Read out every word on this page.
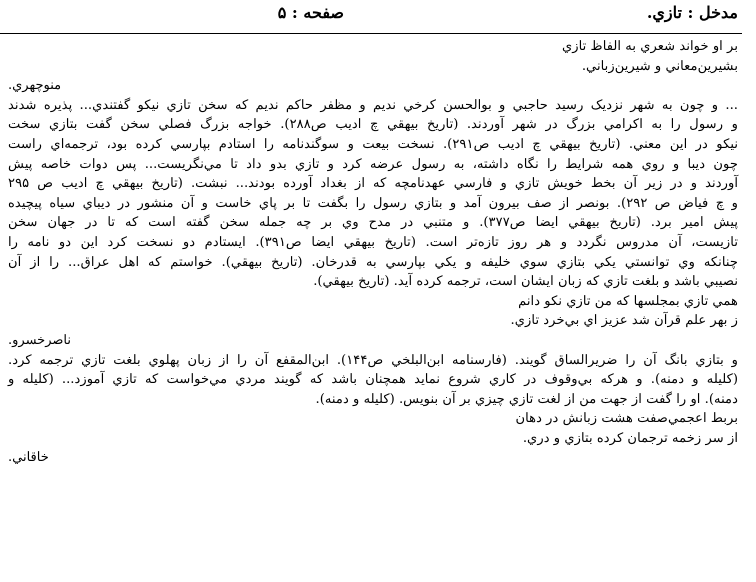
مدخل : تازي.
صفحه : ۵
بر او خواند شعري به الفاظ تازي
بشيرين‌معاني و شيرين‌زباني.
منوچهري.
... و چون به شهر نزديک رسيد حاجبي و بوالحسن کرخي نديم و مظفر حاکم نديم که سخن تازي نيکو گفتندي... پذيره شدند
و رسول را به اکرامي بزرگ در شهر آوردند. (تاريخ بيهقي چ اديب ص۲۸۸). خواجه بزرگ فصلي سخن گفت بتازي سخت
نيکو در اين معني. (تاريخ بيهقي چ اديب ص۲۹۱). نسخت بيعت و سوگندنامه را استادم بپارسي کرده بود، ترجمه‌اي راست
چون ديبا و روي همه شرايط را نگاه داشته، به رسول عرضه کرد و تازي بدو داد تا مي‌نگريست... پس دوات خاصه پيش
آوردند و در زير آن بخط خويش تازي و فارسي عهدنامچه که از بغداد آورده بودند... نبشت. (تاريخ بيهقي چ اديب ص ۲۹۵
و چ فياض ص ۲۹۲). بونصر از صف بيرون آمد و بتازي رسول را بگفت تا بر پاي خاست و آن منشور در ديباي سياه پيچيده
پيش امير برد. (تاريخ بيهقي ايضا ص۳۷۷). و متنبي در مدح وي بر چه جمله سخن گفته است که تا در جهان سخن
تازيست، آن مدروس نگردد و هر روز تازه‌تر است. (تاريخ بيهقي ايضا ص۳۹۱). ايستادم دو نسخت کرد اين دو نامه را
چنانکه وي توانستي يکي بتازي سوي خليفه و يکي بپارسي به قدرخان. (تاريخ بيهقي). خواستم که اهل عراق... را از آن
نصيبي باشد و بلغت تازي که زبان ايشان است، ترجمه کرده آيد. (تاريخ بيهقي).
همي تازي بمجلسها که من تازي نکو دانم
ز بهر علم قرآن شد عزيز اي بي‌خرد تازي.
ناصرخسرو.
و بتازي بانگ آن را ضريرالساق گويند. (فارسنامه ابن‌البلخي ص۱۴۴). ابن‌المقفع آن را از زبان پهلوي بلغت تازي ترجمه کرد.
(کليله و دمنه). و هرکه بي‌وقوف در کاري شروع نمايد همچنان باشد که گويند مردي مي‌خواست که تازي آموزد... (کليله و
دمنه). او را گفت از جهت من از لغت تازي چيزي بر آن بنويس. (کليله و دمنه).
بربط اعجمي‌صفت هشت زبانش در دهان
از سر زخمه ترجمان کرده بتازي و دري.
خاقاني.
